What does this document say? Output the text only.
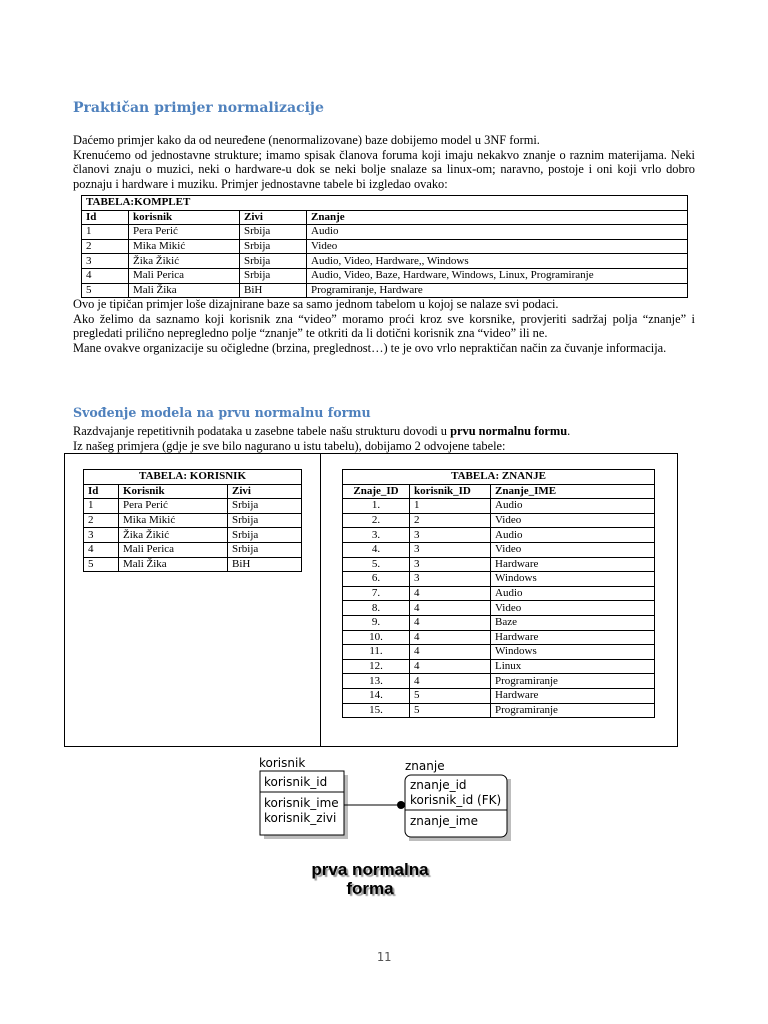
Praktičan primjer normalizacije

Daćemo primjer kako da od neuređene (nenormalizovane) baze dobijemo model u 3NF formi.

Krenućemo od jednostavne strukture; imamo spisak članova foruma koji imaju nekakvo znanje o raznim materijama. Neki članovi znaju o muzici, neki o hardware-u dok se neki bolje snalaze sa linux-om; naravno, postoje i oni koji vrlo dobro poznaju i hardware i muziku. Primjer jednostavne tabele bi izgledao ovako:

TABELA:KOMPLET			
Id	korisnik	Zivi	Znanje
1	Pera Perić	Srbija	Audio
2	Mika Mikić	Srbija	Video
3	Žika Žikić	Srbija	Audio, Video, Hardware,, Windows
4	Mali Perica	Srbija	Audio, Video, Baze, Hardware, Windows, Linux, Programiranje
5	Mali Žika	BiH	Programiranje, Hardware

Ovo je tipičan primjer loše dizajnirane baze sa samo jednom tabelom u kojoj se nalaze svi podaci.

Ako želimo da saznamo koji korisnik zna “video” moramo proći kroz sve korsnike, provjeriti sadržaj polja “znanje” i pregledati prilično nepregledno polje “znanje” te otkriti da li dotični korisnik zna “video” ili ne.

Mane ovakve organizacije su očigledne (brzina, preglednost…) te je ovo vrlo nepraktičan način za čuvanje informacija.

Svođenje modela na prvu normalnu formu

Razdvajanje repetitivnih podataka u zasebne tabele našu strukturu dovodi u prvu normalnu formu.

Iz našeg primjera (gdje je sve bilo nagurano u istu tabelu), dobijamo 2 odvojene tabele:

TABELA: KORISNIK		
Id	Korisnik	Zivi
1	Pera Perić	Srbija
2	Mika Mikić	Srbija
3	Žika Žikić	Srbija
4	Mali Perica	Srbija
5	Mali Žika	BiH
TABELA: ZNANJE		
Znaje_ID	korisnik_ID	Znanje_IME
1.	1	Audio
2.	2	Video
3.	3	Audio
4.	3	Video
5.	3	Hardware
6.	3	Windows
7.	4	Audio
8.	4	Video
9.	4	Baze
10.	4	Hardware
11.	4	Windows
12.	4	Linux
13.	4	Programiranje
14.	5	Hardware
15.	5	Programiranje
korisnik
korisnik_id
korisnik_ime
korisnik_zivi
znanje
znanje_id
korisnik_id (FK)
znanje_ime
prva normalna
forma
11
